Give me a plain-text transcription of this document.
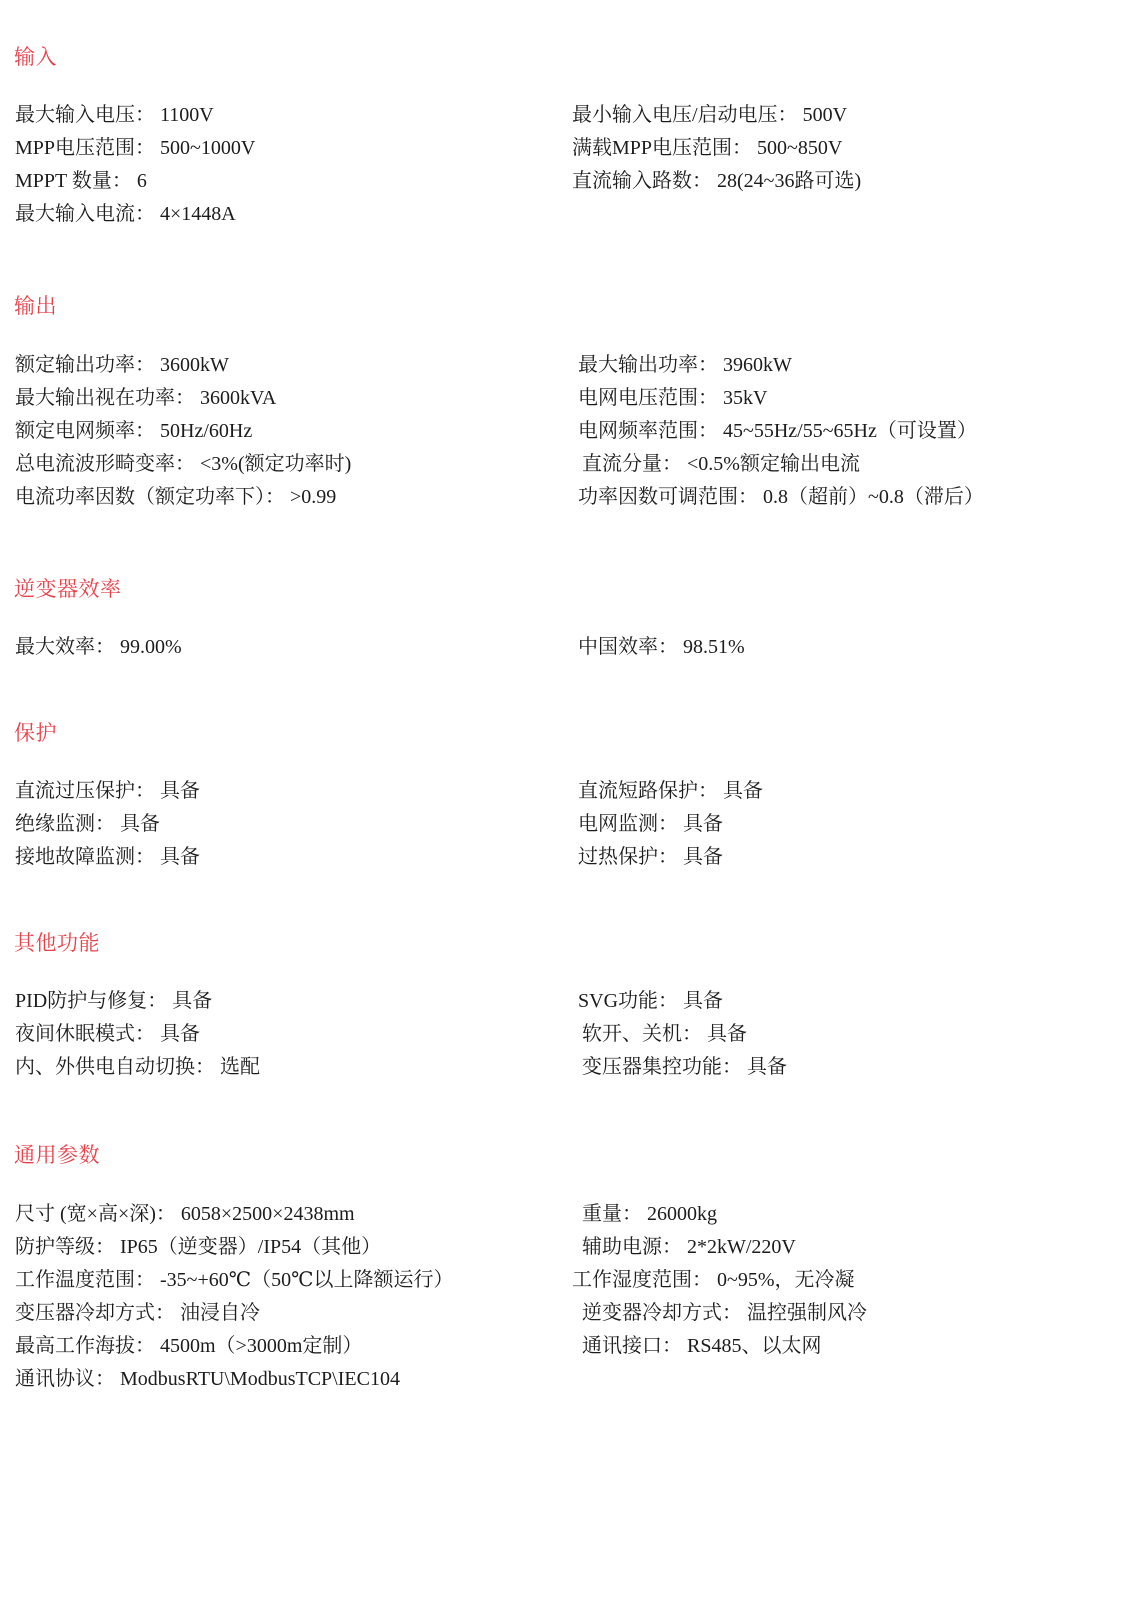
输入
最大输入电压： 1100V	最小输入电压/启动电压： 500V
MPP电压范围： 500~1000V	满载MPP电压范围： 500~850V
MPPT 数量： 6	直流输入路数： 28(24~36路可选)
最大输入电流： 4×1448A
输出
额定输出功率： 3600kW	最大输出功率： 3960kW
最大输出视在功率： 3600kVA	电网电压范围： 35kV
额定电网频率： 50Hz/60Hz	电网频率范围： 45~55Hz/55~65Hz（可设置）
总电流波形畸变率： <3%(额定功率时)	直流分量： <0.5%额定输出电流
电流功率因数（额定功率下）： >0.99	功率因数可调范围： 0.8（超前）~0.8（滞后）
逆变器效率
最大效率： 99.00%	中国效率： 98.51%
保护
直流过压保护： 具备	直流短路保护： 具备
绝缘监测： 具备	电网监测： 具备
接地故障监测： 具备	过热保护： 具备
其他功能
PID防护与修复： 具备	SVG功能： 具备
夜间休眠模式： 具备	软开、关机： 具备
内、外供电自动切换： 选配	变压器集控功能： 具备
通用参数
尺寸 (宽×高×深)： 6058×2500×2438mm	重量： 26000kg
防护等级： IP65（逆变器）/IP54（其他）	辅助电源： 2*2kW/220V
工作温度范围： -35~+60℃（50℃以上降额运行）	工作湿度范围： 0~95%，无冷凝
变压器冷却方式： 油浸自冷	逆变器冷却方式： 温控强制风冷
最高工作海拔： 4500m（>3000m定制）	通讯接口： RS485、以太网
通讯协议： ModbusRTU\ModbusTCP\IEC104
